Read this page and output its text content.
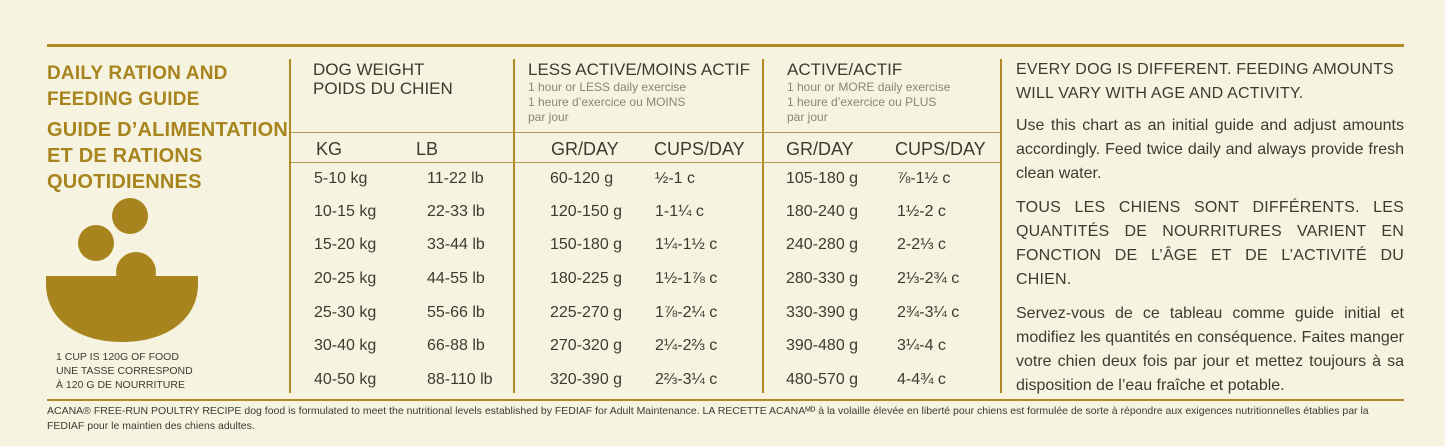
DAILY RATION AND
FEEDING GUIDE
GUIDE D’ALIMENTATION
ET DE RATIONS
QUOTIDIENNES
1 CUP IS 120G OF FOOD
UNE TASSE CORRESPOND
À 120 G DE NOURRITURE
DOG WEIGHT
POIDS DU CHIEN
LESS ACTIVE/MOINS ACTIF
1 hour or LESS daily exercise
1 heure d’exercice ou MOINS
par jour
ACTIVE/ACTIF
1 hour or MORE daily exercise
1 heure d’exercice ou PLUS
par jour
KG	LB	GR/DAY CUPS/DAY GR/DAY CUPS/DAY
5-10 kg	11-22 lb	60-120 g	½-1 c	105-180 g ⅞-1½ c
10-15 kg	22-33 lb	120-150 g 1-1¼ c	180-240 g 1½-2 c
15-20 kg	33-44 lb	150-180 g 1¼-1½ c	240-280 g 2-2⅓ c
20-25 kg	44-55 lb	180-225 g 1½-1⅞ c	280-330 g 2⅓-2¾ c
25-30 kg	55-66 lb	225-270 g 1⅞-2¼ c	330-390 g 2¾-3¼ c
30-40 kg	66-88 lb	270-320 g 2¼-2⅔ c	390-480 g 3¼-4 c
40-50 kg	88-110 lb	320-390 g 2⅔-3¼ c	480-570 g 4-4¾ c
EVERY DOG IS DIFFERENT. FEEDING AMOUNTS
WILL VARY WITH AGE AND ACTIVITY.
Use this chart as an initial guide and adjust amounts accordingly. Feed twice daily and always provide fresh clean water.
TOUS LES CHIENS SONT DIFFÉRENTS. LES QUANTITÉS DE NOURRITURES VARIENT EN FONCTION DE L’ÂGE ET DE L’ACTIVITÉ DU CHIEN.
Servez-vous de ce tableau comme guide initial et modifiez les quantités en conséquence. Faites manger votre chien deux fois par jour et mettez toujours à sa disposition de l’eau fraîche et potable.
ACANA® FREE-RUN POULTRY RECIPE dog food is formulated to meet the nutritional levels established by FEDIAF for Adult Maintenance. LA RECETTE ACANAᴹᴰ à la volaille élevée en liberté pour chiens est formulée de sorte à répondre aux exigences nutritionnelles établies par la FEDIAF pour le maintien des chiens adultes.
